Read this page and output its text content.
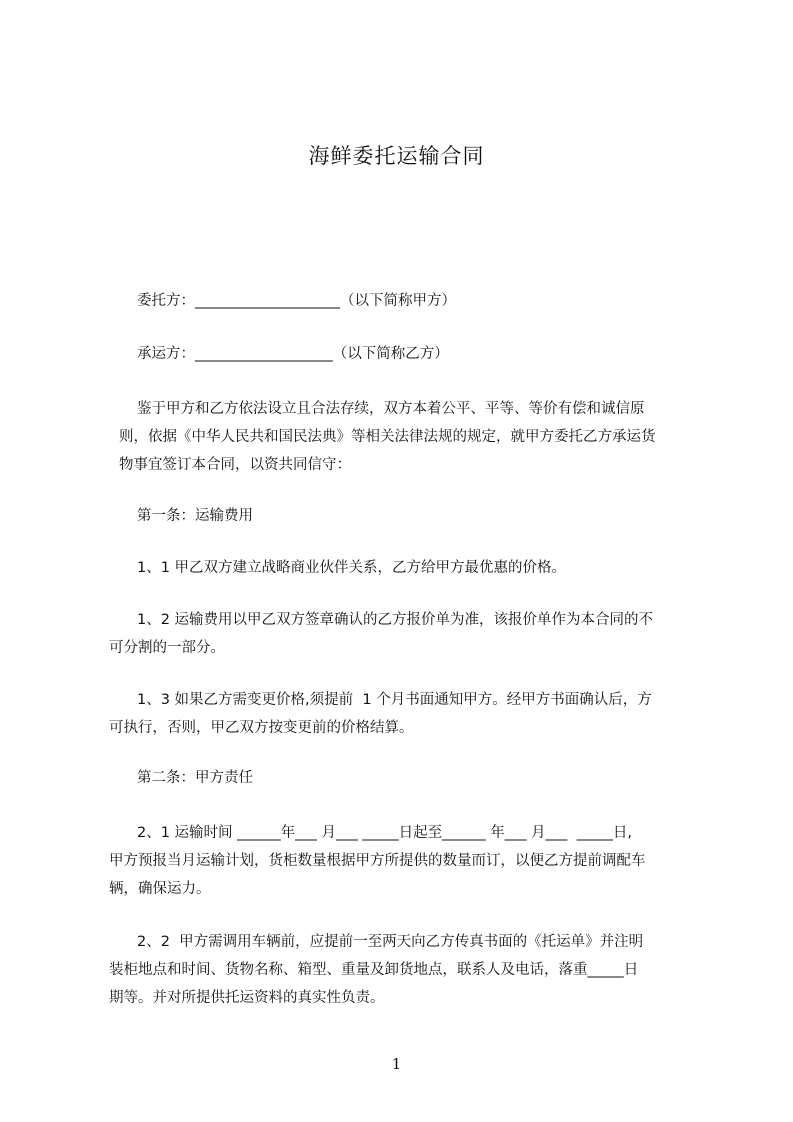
海鲜委托运输合同
委托方：____________________（以下简称甲方）
承运方：___________________（以下简称乙方）
鉴于甲方和乙方依法设立且合法存续，双方本着公平、平等、等价有偿和诚信原
则，依据《中华人民共和国民法典》等相关法律法规的规定，就甲方委托乙方承运货
物事宜签订本合同，以资共同信守：
第一条：运输费用
1、1 甲乙双方建立战略商业伙伴关系，乙方给甲方最优惠的价格。
1、2 运输费用以甲乙双方签章确认的乙方报价单为准，该报价单作为本合同的不
可分割的一部分。
1、3 如果乙方需变更价格,须提前  1 个月书面通知甲方。经甲方书面确认后，方
可执行，否则，甲乙双方按变更前的价格结算。
第二条：甲方责任
2、1 运输时间 ______年___ 月___ _____日起至______ 年___ 月___  _____日,
甲方预报当月运输计划，货柜数量根据甲方所提供的数量而订，以便乙方提前调配车
辆，确保运力。
2、2  甲方需调用车辆前，应提前一至两天向乙方传真书面的《托运单》并注明
装柜地点和时间、货物名称、箱型、重量及卸货地点，联系人及电话，落重_____日
期等。并对所提供托运资料的真实性负责。
1
